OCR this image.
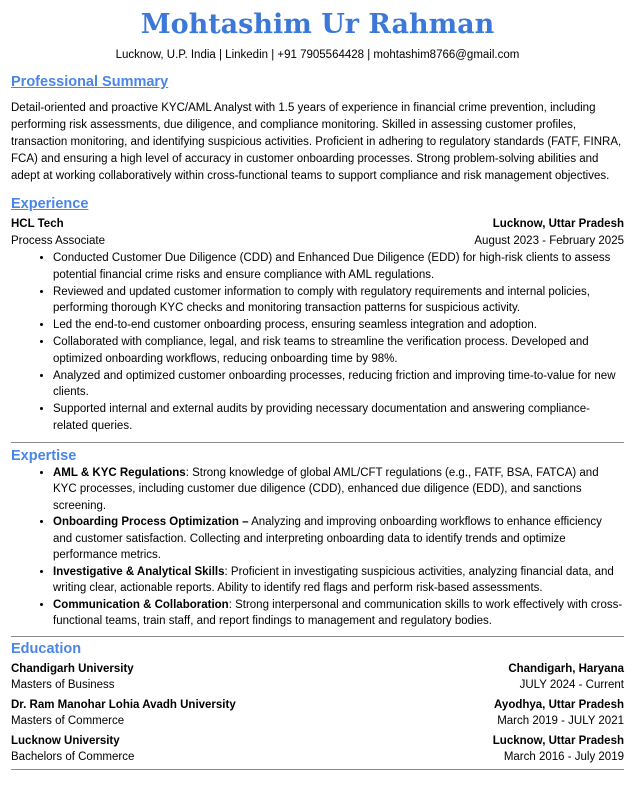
Mohtashim Ur Rahman
Lucknow, U.P. India | Linkedin | +91 7905564428 | mohtashim8766@gmail.com
Professional Summary
Detail-oriented and proactive KYC/AML Analyst with 1.5 years of experience in financial crime prevention, including performing risk assessments, due diligence, and compliance monitoring. Skilled in assessing customer profiles, transaction monitoring, and identifying suspicious activities. Proficient in adhering to regulatory standards (FATF, FINRA, FCA) and ensuring a high level of accuracy in customer onboarding processes. Strong problem-solving abilities and adept at working collaboratively within cross-functional teams to support compliance and risk management objectives.
Experience
HCL Tech	Lucknow, Uttar Pradesh
Process Associate	August 2023 - February 2025
• Conducted Customer Due Diligence (CDD) and Enhanced Due Diligence (EDD) for high-risk clients to assess potential financial crime risks and ensure compliance with AML regulations.
• Reviewed and updated customer information to comply with regulatory requirements and internal policies, performing thorough KYC checks and monitoring transaction patterns for suspicious activity.
• Led the end-to-end customer onboarding process, ensuring seamless integration and adoption.
• Collaborated with compliance, legal, and risk teams to streamline the verification process. Developed and optimized onboarding workflows, reducing onboarding time by 98%.
• Analyzed and optimized customer onboarding processes, reducing friction and improving time-to-value for new clients.
• Supported internal and external audits by providing necessary documentation and answering compliance-related queries.
Expertise
• AML & KYC Regulations: Strong knowledge of global AML/CFT regulations (e.g., FATF, BSA, FATCA) and KYC processes, including customer due diligence (CDD), enhanced due diligence (EDD), and sanctions screening.
• Onboarding Process Optimization – Analyzing and improving onboarding workflows to enhance efficiency and customer satisfaction. Collecting and interpreting onboarding data to identify trends and optimize performance metrics.
• Investigative & Analytical Skills: Proficient in investigating suspicious activities, analyzing financial data, and writing clear, actionable reports. Ability to identify red flags and perform risk-based assessments.
• Communication & Collaboration: Strong interpersonal and communication skills to work effectively with cross-functional teams, train staff, and report findings to management and regulatory bodies.
Education
Chandigarh University	Chandigarh, Haryana
Masters of Business	JULY 2024 - Current
Dr. Ram Manohar Lohia Avadh University	Ayodhya, Uttar Pradesh
Masters of Commerce	March 2019 - JULY 2021
Lucknow University	Lucknow, Uttar Pradesh
Bachelors of Commerce	March 2016 - July 2019
